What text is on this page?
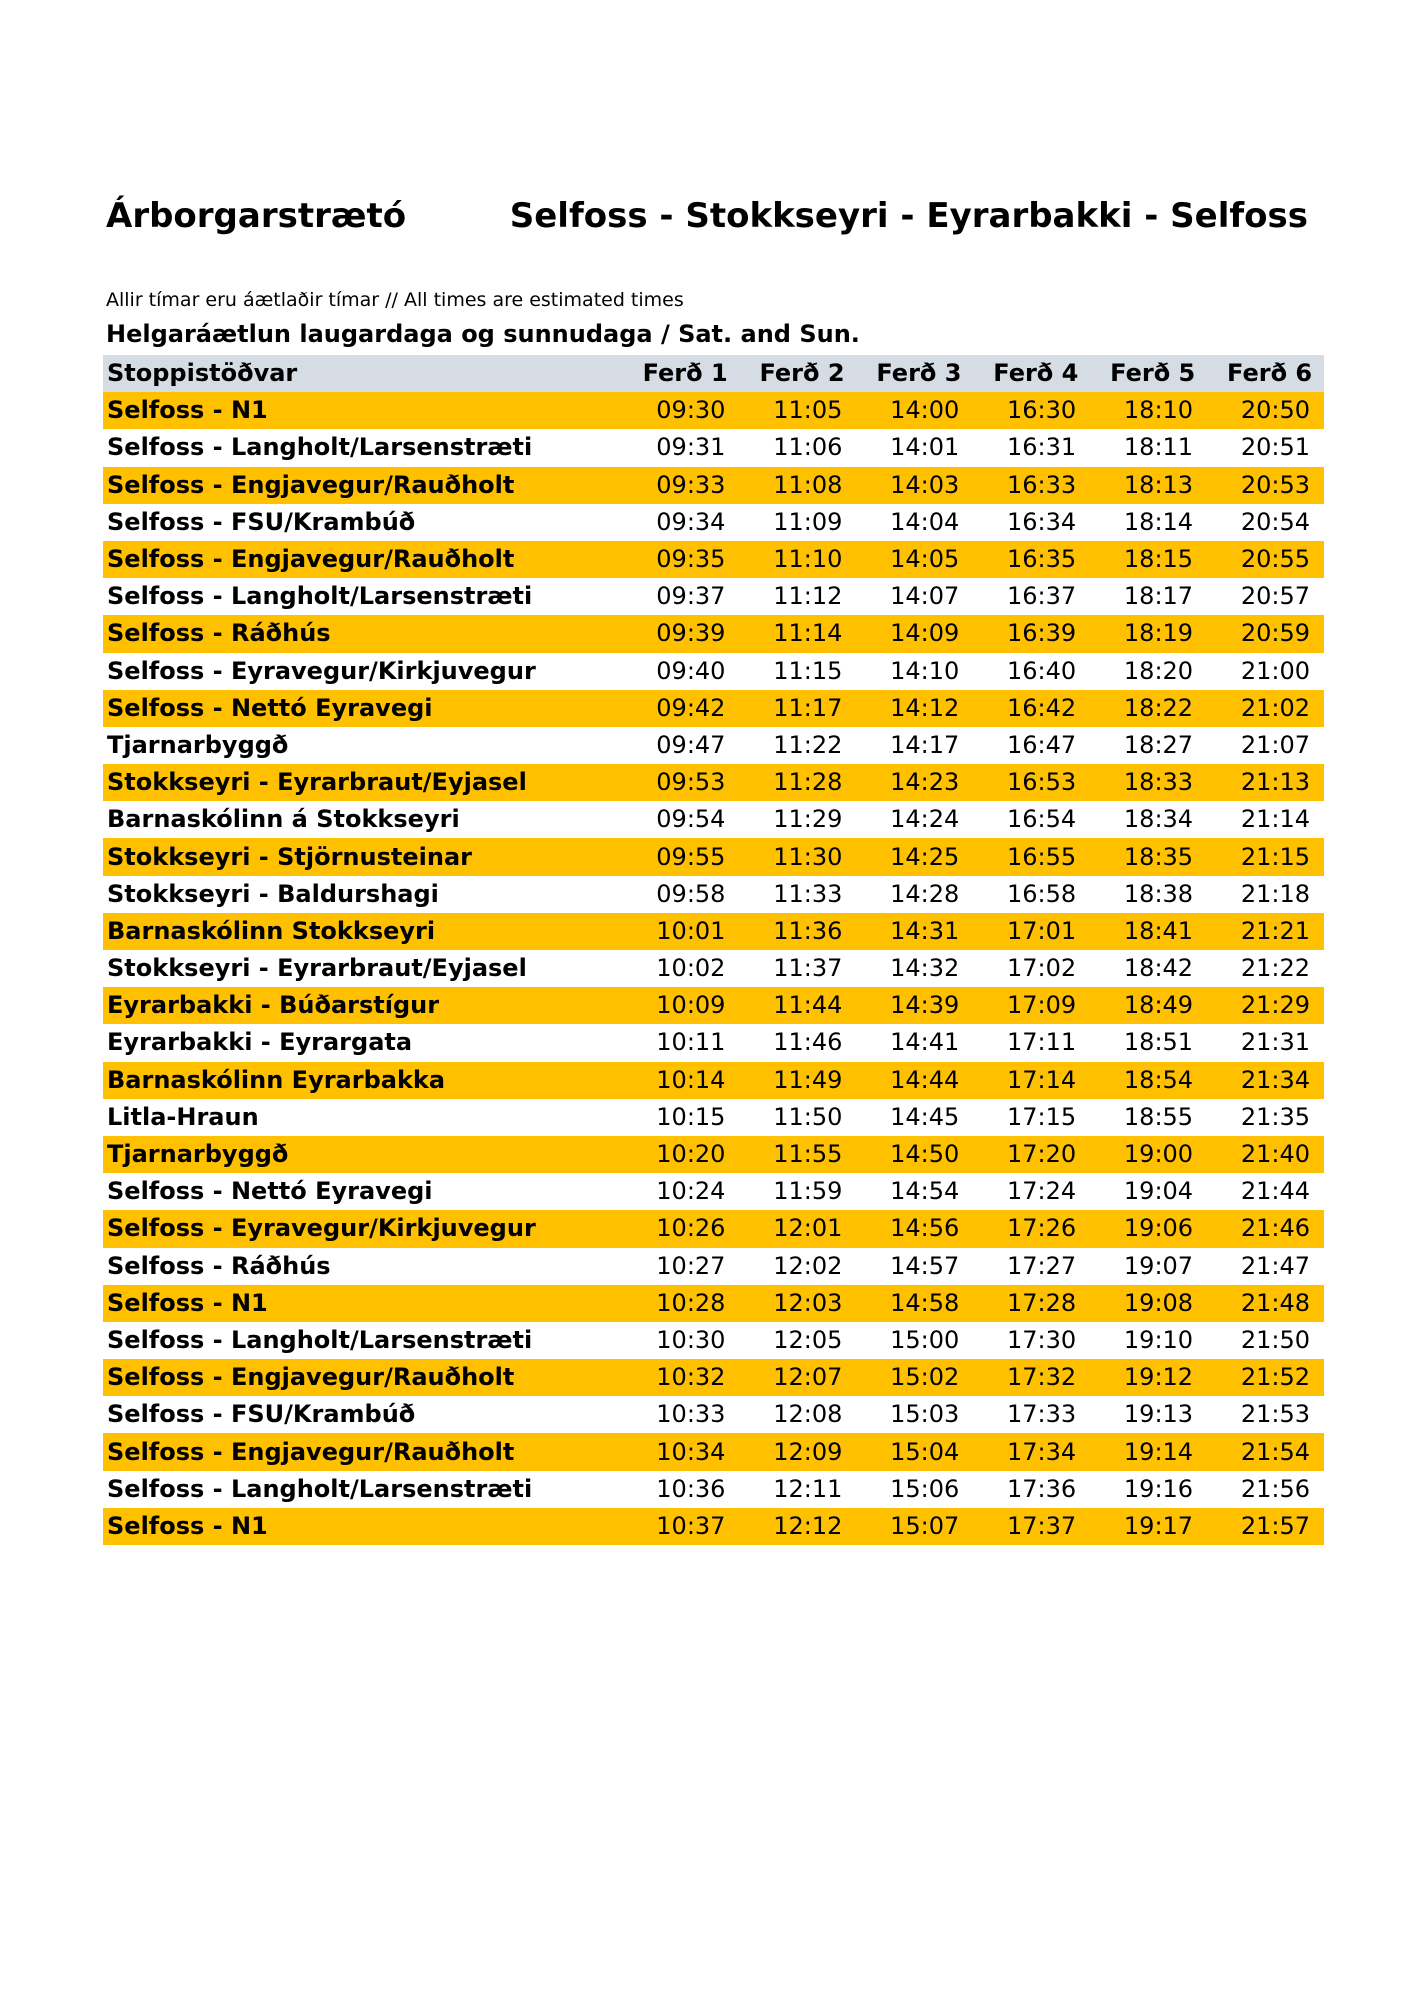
Árborgarstrætó	Selfoss - Stokkseyri - Eyrarbakki - Selfoss
Allir tímar eru áætlaðir tímar // All times are estimated times
Helgaráætlun laugardaga og sunnudaga / Sat. and Sun.
Stoppistöðvar	Ferð 1	Ferð 2	Ferð 3	Ferð 4	Ferð 5	Ferð 6
Selfoss - N1	09:30	11:05	14:00	16:30	18:10	20:50
Selfoss - Langholt/Larsenstræti	09:31	11:06	14:01	16:31	18:11	20:51
Selfoss - Engjavegur/Rauðholt	09:33	11:08	14:03	16:33	18:13	20:53
Selfoss - FSU/Krambúð	09:34	11:09	14:04	16:34	18:14	20:54
Selfoss - Engjavegur/Rauðholt	09:35	11:10	14:05	16:35	18:15	20:55
Selfoss - Langholt/Larsenstræti	09:37	11:12	14:07	16:37	18:17	20:57
Selfoss - Ráðhús	09:39	11:14	14:09	16:39	18:19	20:59
Selfoss - Eyravegur/Kirkjuvegur	09:40	11:15	14:10	16:40	18:20	21:00
Selfoss - Nettó Eyravegi	09:42	11:17	14:12	16:42	18:22	21:02
Tjarnarbyggð	09:47	11:22	14:17	16:47	18:27	21:07
Stokkseyri - Eyrarbraut/Eyjasel	09:53	11:28	14:23	16:53	18:33	21:13
Barnaskólinn á Stokkseyri	09:54	11:29	14:24	16:54	18:34	21:14
Stokkseyri - Stjörnusteinar	09:55	11:30	14:25	16:55	18:35	21:15
Stokkseyri - Baldurshagi	09:58	11:33	14:28	16:58	18:38	21:18
Barnaskólinn Stokkseyri	10:01	11:36	14:31	17:01	18:41	21:21
Stokkseyri - Eyrarbraut/Eyjasel	10:02	11:37	14:32	17:02	18:42	21:22
Eyrarbakki - Búðarstígur	10:09	11:44	14:39	17:09	18:49	21:29
Eyrarbakki - Eyrargata	10:11	11:46	14:41	17:11	18:51	21:31
Barnaskólinn Eyrarbakka	10:14	11:49	14:44	17:14	18:54	21:34
Litla-Hraun	10:15	11:50	14:45	17:15	18:55	21:35
Tjarnarbyggð	10:20	11:55	14:50	17:20	19:00	21:40
Selfoss - Nettó Eyravegi	10:24	11:59	14:54	17:24	19:04	21:44
Selfoss - Eyravegur/Kirkjuvegur	10:26	12:01	14:56	17:26	19:06	21:46
Selfoss - Ráðhús	10:27	12:02	14:57	17:27	19:07	21:47
Selfoss - N1	10:28	12:03	14:58	17:28	19:08	21:48
Selfoss - Langholt/Larsenstræti	10:30	12:05	15:00	17:30	19:10	21:50
Selfoss - Engjavegur/Rauðholt	10:32	12:07	15:02	17:32	19:12	21:52
Selfoss - FSU/Krambúð	10:33	12:08	15:03	17:33	19:13	21:53
Selfoss - Engjavegur/Rauðholt	10:34	12:09	15:04	17:34	19:14	21:54
Selfoss - Langholt/Larsenstræti	10:36	12:11	15:06	17:36	19:16	21:56
Selfoss - N1	10:37	12:12	15:07	17:37	19:17	21:57
